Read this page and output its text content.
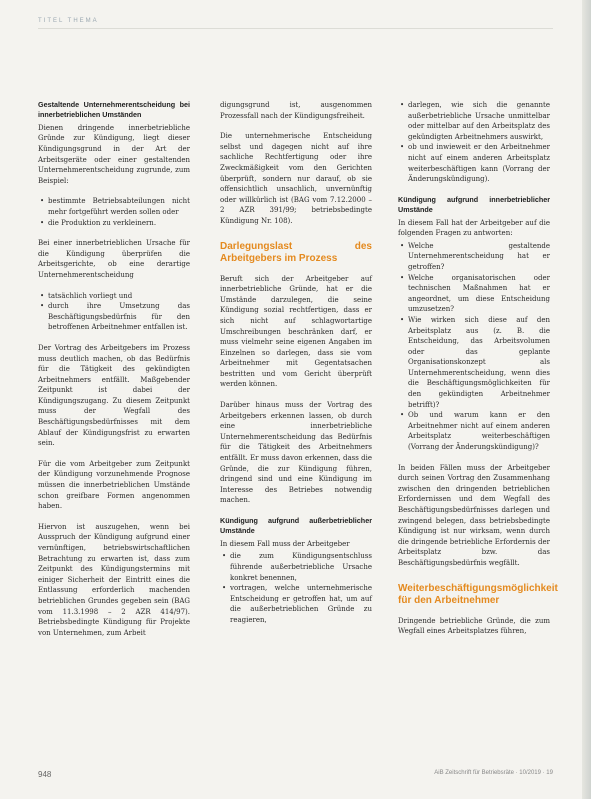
TITEL THEMA
Gestaltende Unternehmerentscheidung bei innerbetrieblichen Umständen

Dienen dringende innerbetriebliche Gründe zur Kündigung, liegt dieser Kündigungsgrund in der Art der Arbeitsgeräte oder einer gestaltenden Unternehmerentscheidung zugrunde, zum Beispiel:

• bestimmte Betriebsabteilungen nicht mehr fortgeführt werden sollen oder
• die Produktion zu verkleinern.

Bei einer innerbetrieblichen Ursache für die Kündigung überprüfen die Arbeitsgerichte, ob eine derartige Unternehmerentscheidung

• tatsächlich vorliegt und
• durch ihre Umsetzung das Beschäftigungsbedürfnis für den betroffenen Arbeitnehmer entfallen ist.

Der Vortrag des Arbeitgebers im Prozess muss deutlich machen, ob das Bedürfnis für die Tätigkeit des gekündigten Arbeitnehmers entfällt. Maßgebender Zeitpunkt ist dabei der Kündigungszugang. Zu diesem Zeitpunkt muss der Wegfall des Beschäftigungsbedürfnisses mit dem Ablauf der Kündigungsfrist zu erwarten sein.

Für die vom Arbeitgeber zum Zeitpunkt der Kündigung vorzunehmende Prognose müssen die innerbetrieblichen Umstände schon greifbare Formen angenommen haben.

Hiervon ist auszugehen, wenn bei Ausspruch der Kündigung aufgrund einer vernünftigen, betriebswirtschaftlichen Betrachtung zu erwarten ist, dass zum Zeitpunkt des Kündigungstermins mit einiger Sicherheit der Eintritt eines die Entlassung erforderlich machenden betrieblichen Grundes gegeben sein (BAG vom 11.3.1998 – 2 AZR 414/97). Betriebsbedingte Kündigung für Projekte von Unternehmen, zum Arbeit

digungsgrund ist, ausgenommen Prozessfall nach der Kündigungsfreiheit.

Die unternehmerische Entscheidung selbst und dagegen nicht auf ihre sachliche Rechtfertigung oder ihre Zweckmäßigkeit vom den Gerichten überprüft, sondern nur darauf, ob sie offensichtlich unsachlich, unvernünftig oder willkürlich ist (BAG vom 7.12.2000 – 2 AZR 391/99; betriebsbedingte Kündigung Nr. 108).

Darlegungslast des Arbeitgebers im Prozess

Beruft sich der Arbeitgeber auf innerbetriebliche Gründe, hat er die Umstände darzulegen, die seine Kündigung sozial rechtfertigen, dass er sich nicht auf schlagwortartige Umschreibungen beschränken darf, er muss vielmehr seine eigenen Angaben im Einzelnen so darlegen, dass sie vom Arbeitnehmer mit Gegentatsachen bestritten und vom Gericht überprüft werden können.

Darüber hinaus muss der Vortrag des Arbeitgebers erkennen lassen, ob durch eine innerbetriebliche Unternehmerentscheidung das Bedürfnis für die Tätigkeit des Arbeitnehmers entfällt. Er muss davon erkennen, dass die Gründe, die zur Kündigung führen, dringend sind und eine Kündigung im Interesse des Betriebes notwendig machen.

Kündigung aufgrund außerbetrieblicher Umstände

In diesem Fall muss der Arbeitgeber

• die zum Kündigungsentschluss führende außerbetriebliche Ursache konkret benennen,
• vortragen, welche unternehmerische Entscheidung er getroffen hat, um auf die außerbetrieblichen Gründe zu reagieren,
• darlegen, wie sich die genannte außerbetriebliche Ursache unmittelbar oder mittelbar auf den Arbeitsplatz des gekündigten Arbeitnehmers auswirkt,
• ob und inwieweit er den Arbeitnehmer nicht auf einem anderen Arbeitsplatz weiterbeschäftigen kann (Vorrang der Änderungskündigung).
Kündigung aufgrund innerbetrieblicher Umstände

In diesem Fall hat der Arbeitgeber auf die folgenden Fragen zu antworten:

• Welche gestaltende Unternehmerentscheidung hat er getroffen?
• Welche organisatorischen oder technischen Maßnahmen hat er angeordnet, um diese Entscheidung umzusetzen?
• Wie wirken sich diese auf den Arbeitsplatz aus (z. B. die Entscheidung, das Arbeitsvolumen oder das geplante Organisationskonzept als Unternehmerentscheidung, wenn dies die Beschäftigungsmöglichkeiten für den gekündigten Arbeitnehmer betrifft)?
• Ob und warum kann er den Arbeitnehmer nicht auf einem anderen Arbeitsplatz weiterbeschäftigen (Vorrang der Änderungskündigung)?

In beiden Fällen muss der Arbeitgeber durch seinen Vortrag den Zusammenhang zwischen den dringenden betrieblichen Erfordernissen und dem Wegfall des Beschäftigungsbedürfnisses darlegen und zwingend belegen, dass betriebsbedingte Kündigung ist nur wirksam, wenn durch die dringende betriebliche Erfordernis der Arbeitsplatz bzw. das Beschäftigungsbedürfnis wegfällt.

Weiterbeschäftigungsmöglichkeit für den Arbeitnehmer

Dringende betriebliche Gründe, die zum Wegfall eines Arbeitsplatzes führen,

948	AiB Zeitschrift für Betriebsräte · 10/2019 · 19
